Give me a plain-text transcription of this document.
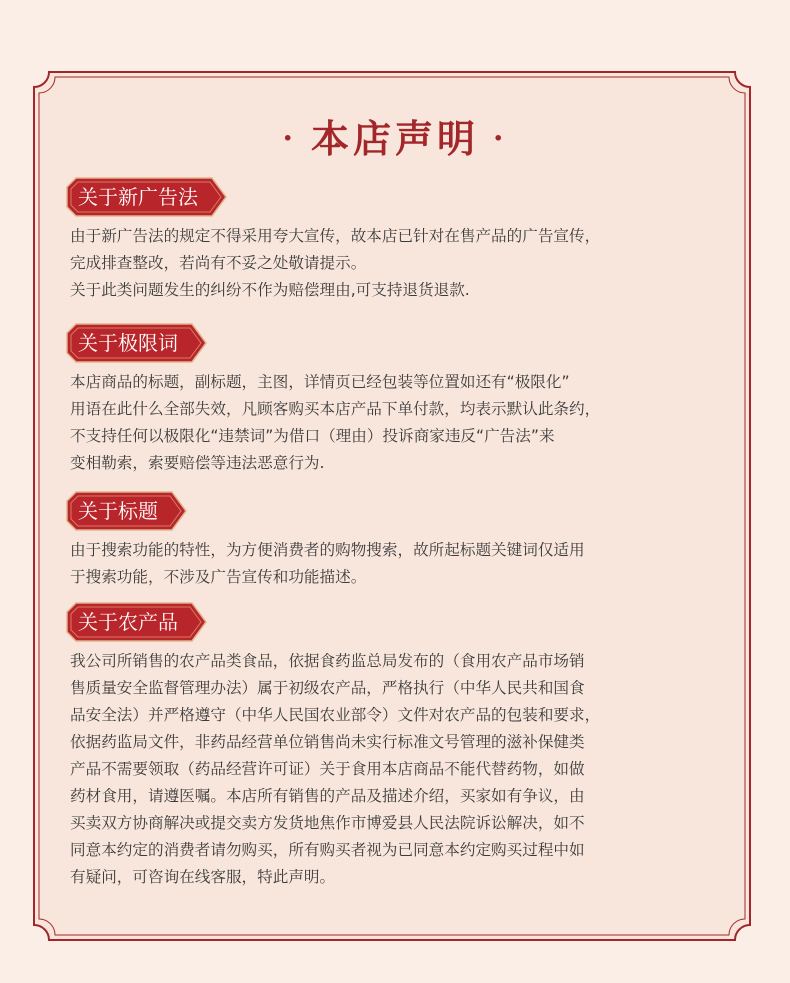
· 本店声明 ·
关于新广告法

由于新广告法的规定不得采用夸大宣传，故本店已针对在售产品的广告宣传，

完成排查整改，若尚有不妥之处敬请提示。

关于此类问题发生的纠纷不作为赔偿理由,可支持退货退款.

关于极限词

本店商品的标题，副标题，主图，详情页已经包装等位置如还有“极限化”

用语在此什么全部失效，凡顾客购买本店产品下单付款，均表示默认此条约，

不支持任何以极限化“违禁词”为借口（理由）投诉商家违反“广告法”来

变相勒索，索要赔偿等违法恶意行为.

关于标题

由于搜索功能的特性，为方便消费者的购物搜索，故所起标题关键词仅适用

于搜索功能，不涉及广告宣传和功能描述。

关于农产品

我公司所销售的农产品类食品，依据食药监总局发布的（食用农产品市场销

售质量安全监督管理办法）属于初级农产品，严格执行（中华人民共和国食

品安全法）并严格遵守（中华人民国农业部令）文件对农产品的包装和要求，

依据药监局文件，非药品经营单位销售尚未实行标准文号管理的滋补保健类

产品不需要领取（药品经营许可证）关于食用本店商品不能代替药物，如做

药材食用，请遵医嘱。本店所有销售的产品及描述介绍，买家如有争议，由

买卖双方协商解决或提交卖方发货地焦作市博爱县人民法院诉讼解决，如不

同意本约定的消费者请勿购买，所有购买者视为已同意本约定购买过程中如

有疑问，可咨询在线客服，特此声明。
